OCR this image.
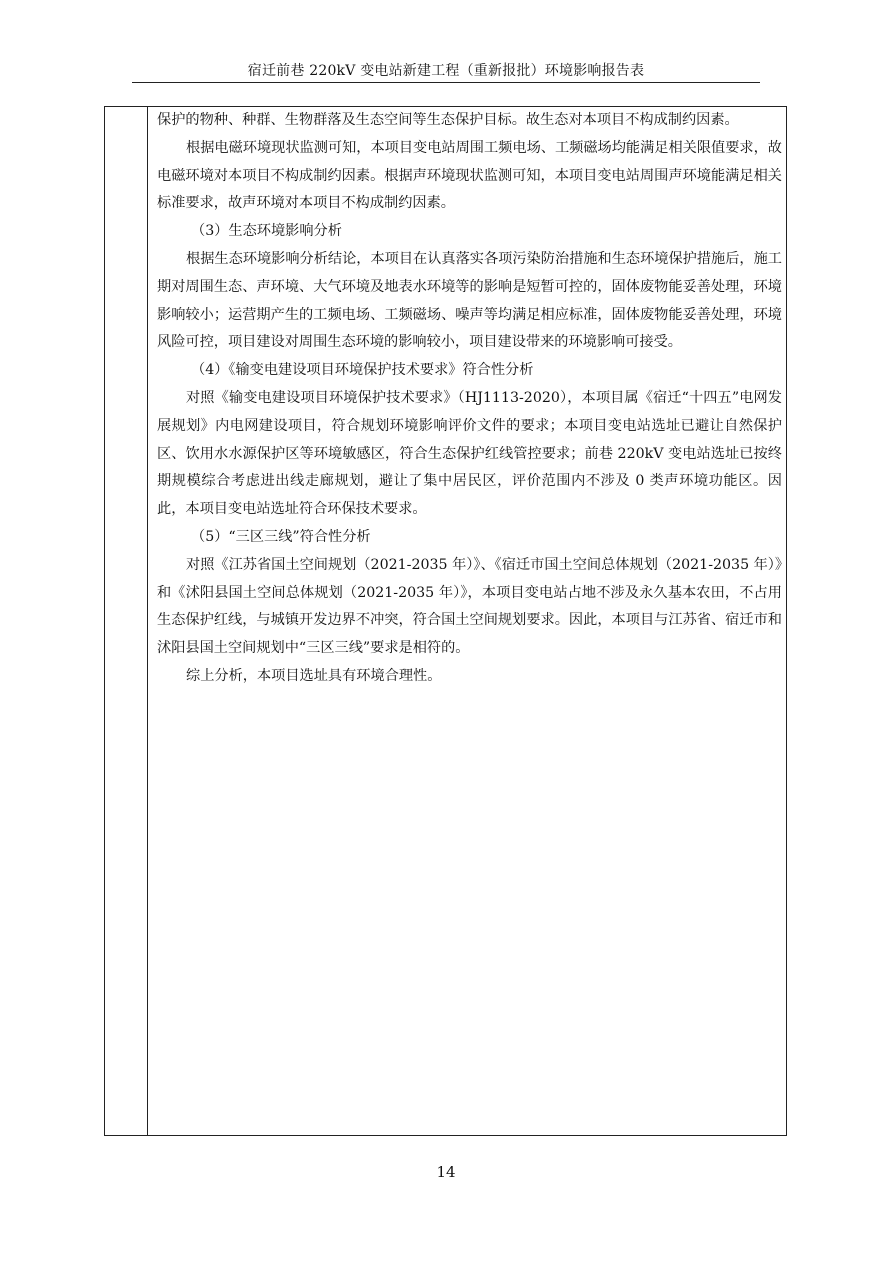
宿迁前巷 220kV 变电站新建工程（重新报批）环境影响报告表

保护的物种、种群、生物群落及生态空间等生态保护目标。故生态对本项目不构成制约因素。

根据电磁环境现状监测可知，本项目变电站周围工频电场、工频磁场均能满足相关限值要求，故电磁环境对本项目不构成制约因素。根据声环境现状监测可知，本项目变电站周围声环境能满足相关标准要求，故声环境对本项目不构成制约因素。

（3）生态环境影响分析

根据生态环境影响分析结论，本项目在认真落实各项污染防治措施和生态环境保护措施后，施工期对周围生态、声环境、大气环境及地表水环境等的影响是短暂可控的，固体废物能妥善处理，环境影响较小；运营期产生的工频电场、工频磁场、噪声等均满足相应标准，固体废物能妥善处理，环境风险可控，项目建设对周围生态环境的影响较小，项目建设带来的环境影响可接受。

（4）《输变电建设项目环境保护技术要求》符合性分析

对照《输变电建设项目环境保护技术要求》（HJ1113-2020），本项目属《宿迁“十四五”电网发展规划》内电网建设项目，符合规划环境影响评价文件的要求；本项目变电站选址已避让自然保护区、饮用水水源保护区等环境敏感区，符合生态保护红线管控要求；前巷 220kV 变电站选址已按终期规模综合考虑进出线走廊规划，避让了集中居民区，评价范围内不涉及 0 类声环境功能区。因此，本项目变电站选址符合环保技术要求。

（5）“三区三线”符合性分析

对照《江苏省国土空间规划（2021-2035 年）》、《宿迁市国土空间总体规划（2021-2035 年）》和《沭阳县国土空间总体规划（2021-2035 年）》，本项目变电站占地不涉及永久基本农田，不占用生态保护红线，与城镇开发边界不冲突，符合国土空间规划要求。因此，本项目与江苏省、宿迁市和沭阳县国土空间规划中“三区三线”要求是相符的。

综上分析，本项目选址具有环境合理性。

14
